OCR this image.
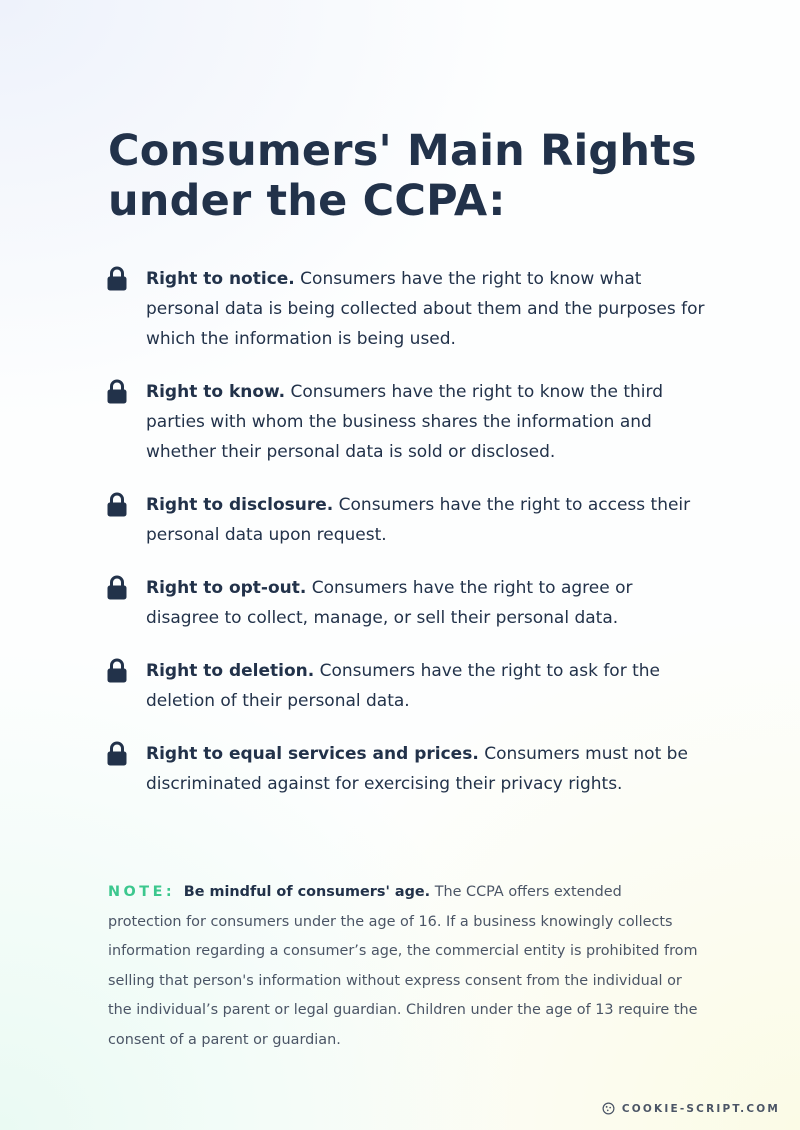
Consumers' Main Rights under the CCPA:
Right to notice. Consumers have the right to know what personal data is being collected about them and the purposes for which the information is being used.
Right to know. Consumers have the right to know the third parties with whom the business shares the information and whether their personal data is sold or disclosed.
Right to disclosure. Consumers have the right to access their personal data upon request.
Right to opt-out. Consumers have the right to agree or disagree to collect, manage, or sell their personal data.
Right to deletion. Consumers have the right to ask for the deletion of their personal data.
Right to equal services and prices. Consumers must not be discriminated against for exercising their privacy rights.

NOTE: Be mindful of consumers' age. The CCPA offers extended protection for consumers under the age of 16. If a business knowingly collects information regarding a consumer’s age, the commercial entity is prohibited from selling that person's information without express consent from the individual or the individual’s parent or legal guardian. Children under the age of 13 require the consent of a parent or guardian.

COOKIE-SCRIPT.COM
